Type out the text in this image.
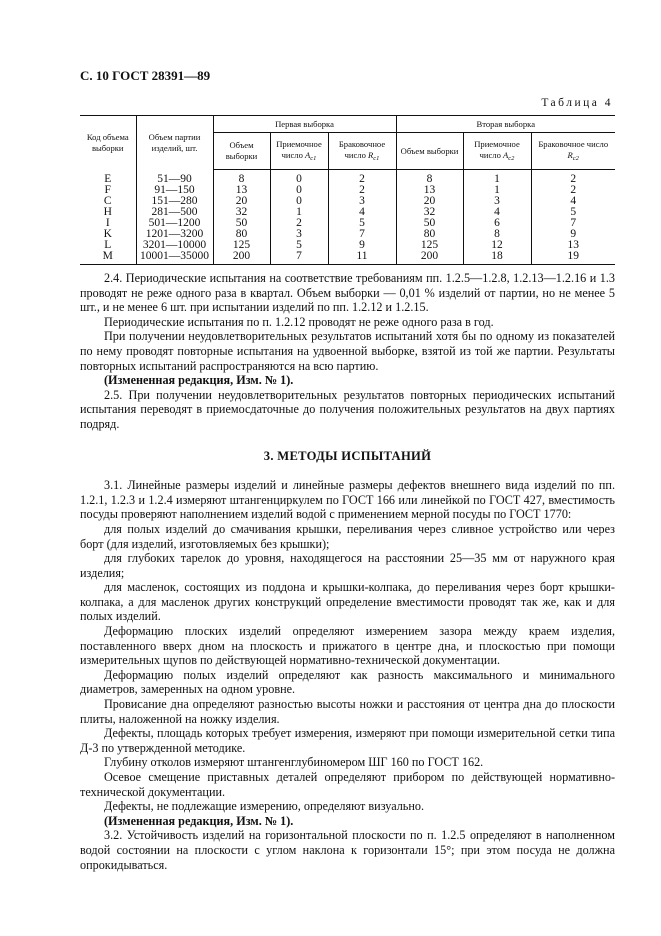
С. 10 ГОСТ 28391—89
Таблица 4
Код объема выборки	Объем партии изделий, шт.	Первая выборка			Вторая выборка		
		Объем выборки	Приемочное число $A_{c1}$	Браковочное число $R_{c1}$	Объем выборки	Приемочное число $A_{c2}$	Браковочное число $R_{c2}$
E	51—90	8	0	2	8	1	2
F	91—150	13	0	2	13	1	2
C	151—280	20	0	3	20	3	4
H	281—500	32	1	4	32	4	5
I	501—1200	50	2	5	50	6	7
K	1201—3200	80	3	7	80	8	9
L	3201—10000	125	5	9	125	12	13
M	10001—35000	200	7	11	200	18	19

2.4. Периодические испытания на соответствие требованиям пп. 1.2.5—1.2.8, 1.2.13—1.2.16 и 1.3 проводят не реже одного раза в квартал. Объем выборки — 0,01 % изделий от партии, но не менее 5 шт., и не менее 6 шт. при испытании изделий по пп. 1.2.12 и 1.2.15.

Периодические испытания по п. 1.2.12 проводят не реже одного раза в год.

При получении неудовлетворительных результатов испытаний хотя бы по одному из показателей по нему проводят повторные испытания на удвоенной выборке, взятой из той же партии. Результаты повторных испытаний распространяются на всю партию.

(Измененная редакция, Изм. № 1).

2.5. При получении неудовлетворительных результатов повторных периодических испытаний испытания переводят в приемосдаточные до получения положительных результатов на двух партиях подряд.

3. МЕТОДЫ ИСПЫТАНИЙ

3.1. Линейные размеры изделий и линейные размеры дефектов внешнего вида изделий по пп. 1.2.1, 1.2.3 и 1.2.4 измеряют штангенциркулем по ГОСТ 166 или линейкой по ГОСТ 427, вместимость посуды проверяют наполнением изделий водой с применением мерной посуды по ГОСТ 1770:

для полых изделий до смачивания крышки, переливания через сливное устройство или через борт (для изделий, изготовляемых без крышки);

для глубоких тарелок до уровня, находящегося на расстоянии 25—35 мм от наружного края изделия;

для масленок, состоящих из поддона и крышки-колпака, до переливания через борт крышки-колпака, а для масленок других конструкций определение вместимости проводят так же, как и для полых изделий.

Деформацию плоских изделий определяют измерением зазора между краем изделия, поставленного вверх дном на плоскость и прижатого в центре дна, и плоскостью при помощи измерительных щупов по действующей нормативно-технической документации.

Деформацию полых изделий определяют как разность максимального и минимального диаметров, замеренных на одном уровне.

Провисание дна определяют разностью высоты ножки и расстояния от центра дна до плоскости плиты, наложенной на ножку изделия.

Дефекты, площадь которых требует измерения, измеряют при помощи измерительной сетки типа Д-3 по утвержденной методике.

Глубину отколов измеряют штангенглубиномером ШГ 160 по ГОСТ 162.

Осевое смещение приставных деталей определяют прибором по действующей нормативно-технической документации.

Дефекты, не подлежащие измерению, определяют визуально.

(Измененная редакция, Изм. № 1).

3.2. Устойчивость изделий на горизонтальной плоскости по п. 1.2.5 определяют в наполненном водой состоянии на плоскости с углом наклона к горизонтали 15°; при этом посуда не должна опрокидываться.
